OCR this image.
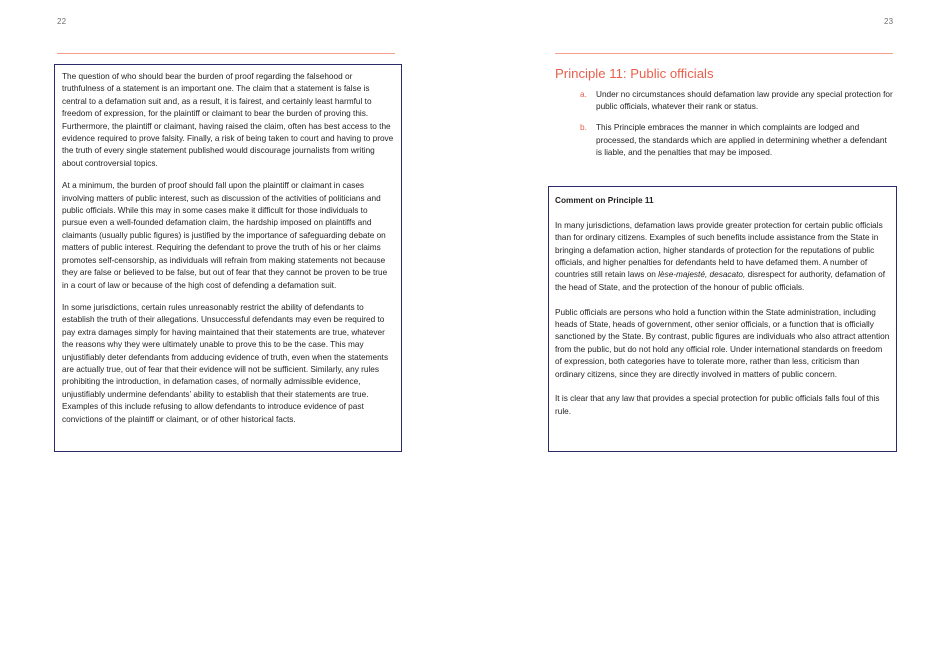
22

The question of who should bear the burden of proof regarding the falsehood or truthfulness of a statement is an important one. The claim that a statement is false is central to a defamation suit and, as a result, it is fairest, and certainly least harmful to freedom of expression, for the plaintiff or claimant to bear the burden of proving this. Furthermore, the plaintiff or claimant, having raised the claim, often has best access to the evidence required to prove falsity. Finally, a risk of being taken to court and having to prove the truth of every single statement published would discourage journalists from writing about controversial topics.

At a minimum, the burden of proof should fall upon the plaintiff or claimant in cases involving matters of public interest, such as discussion of the activities of politicians and public officials. While this may in some cases make it difficult for those individuals to pursue even a well-founded defamation claim, the hardship imposed on plaintiffs and claimants (usually public figures) is justified by the importance of safeguarding debate on matters of public interest. Requiring the defendant to prove the truth of his or her claims promotes self-censorship, as individuals will refrain from making statements not because they are false or believed to be false, but out of fear that they cannot be proven to be true in a court of law or because of the high cost of defending a defamation suit.

In some jurisdictions, certain rules unreasonably restrict the ability of defendants to establish the truth of their allegations. Unsuccessful defendants may even be required to pay extra damages simply for having maintained that their statements are true, whatever the reasons why they were ultimately unable to prove this to be the case. This may unjustifiably deter defendants from adducing evidence of truth, even when the statements are actually true, out of fear that their evidence will not be sufficient. Similarly, any rules prohibiting the introduction, in defamation cases, of normally admissible evidence, unjustifiably undermine defendants’ ability to establish that their statements are true. Examples of this include refusing to allow defendants to introduce evidence of past convictions of the plaintiff or claimant, or of other historical facts.

23
Principle 11: Public officials
a. Under no circumstances should defamation law provide any special protection for public officials, whatever their rank or status.
b. This Principle embraces the manner in which complaints are lodged and processed, the standards which are applied in determining whether a defendant is liable, and the penalties that may be imposed.

Comment on Principle 11

In many jurisdictions, defamation laws provide greater protection for certain public officials than for ordinary citizens. Examples of such benefits include assistance from the State in bringing a defamation action, higher standards of protection for the reputations of public officials, and higher penalties for defendants held to have defamed them. A number of countries still retain laws on lèse-majesté, desacato, disrespect for authority, defamation of the head of State, and the protection of the honour of public officials.

Public officials are persons who hold a function within the State administration, including heads of State, heads of government, other senior officials, or a function that is officially sanctioned by the State. By contrast, public figures are individuals who also attract attention from the public, but do not hold any official role. Under international standards on freedom of expression, both categories have to tolerate more, rather than less, criticism than ordinary citizens, since they are directly involved in matters of public concern.

It is clear that any law that provides a special protection for public officials falls foul of this rule.
